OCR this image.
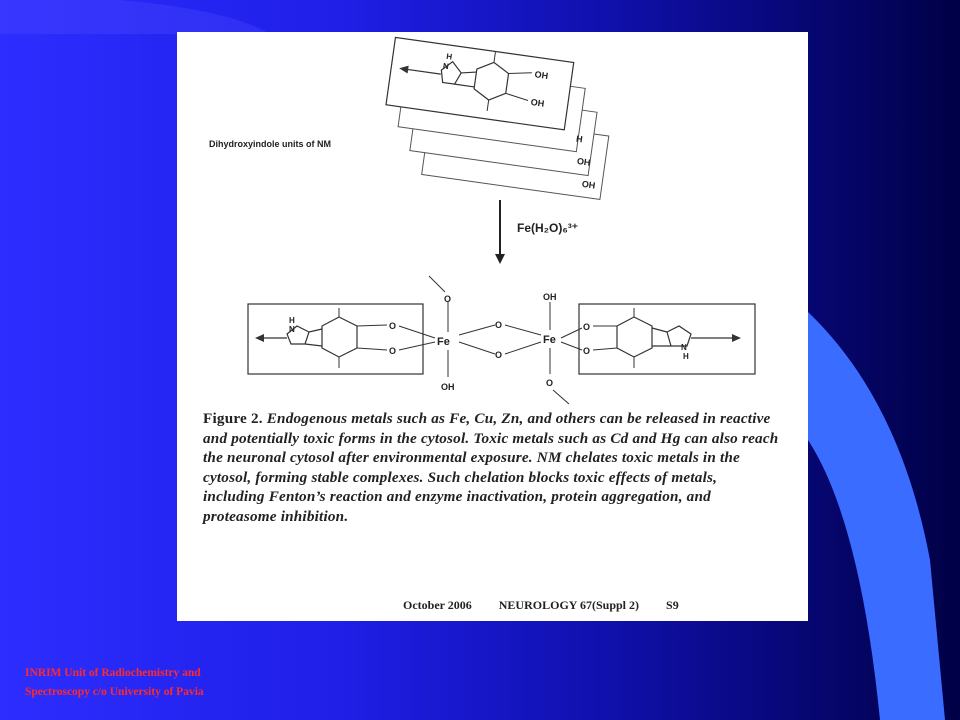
OH
OH
H
OH
OH
H
N
Dihydroxyindole units of NM
Fe(H₂O)₆³⁺
H
N	O
O
Fe	Fe
O
OH
O
O
OH
O
O
O	N
H
Figure 2. Endogenous metals such as Fe, Cu, Zn, and others can be released in reactive and potentially toxic forms in the cytosol. Toxic metals such as Cd and Hg can also reach the neuronal cytosol after environmental exposure. NM chelates toxic metals in the cytosol, forming stable complexes. Such chelation blocks toxic effects of metals, including Fenton’s reaction and enzyme inactivation, protein aggregation, and proteasome inhibition.
October 2006 NEUROLOGY 67(Suppl 2) S9
INRIM Unit of Radiochemistry and
Spectroscopy c/o University of Pavia
